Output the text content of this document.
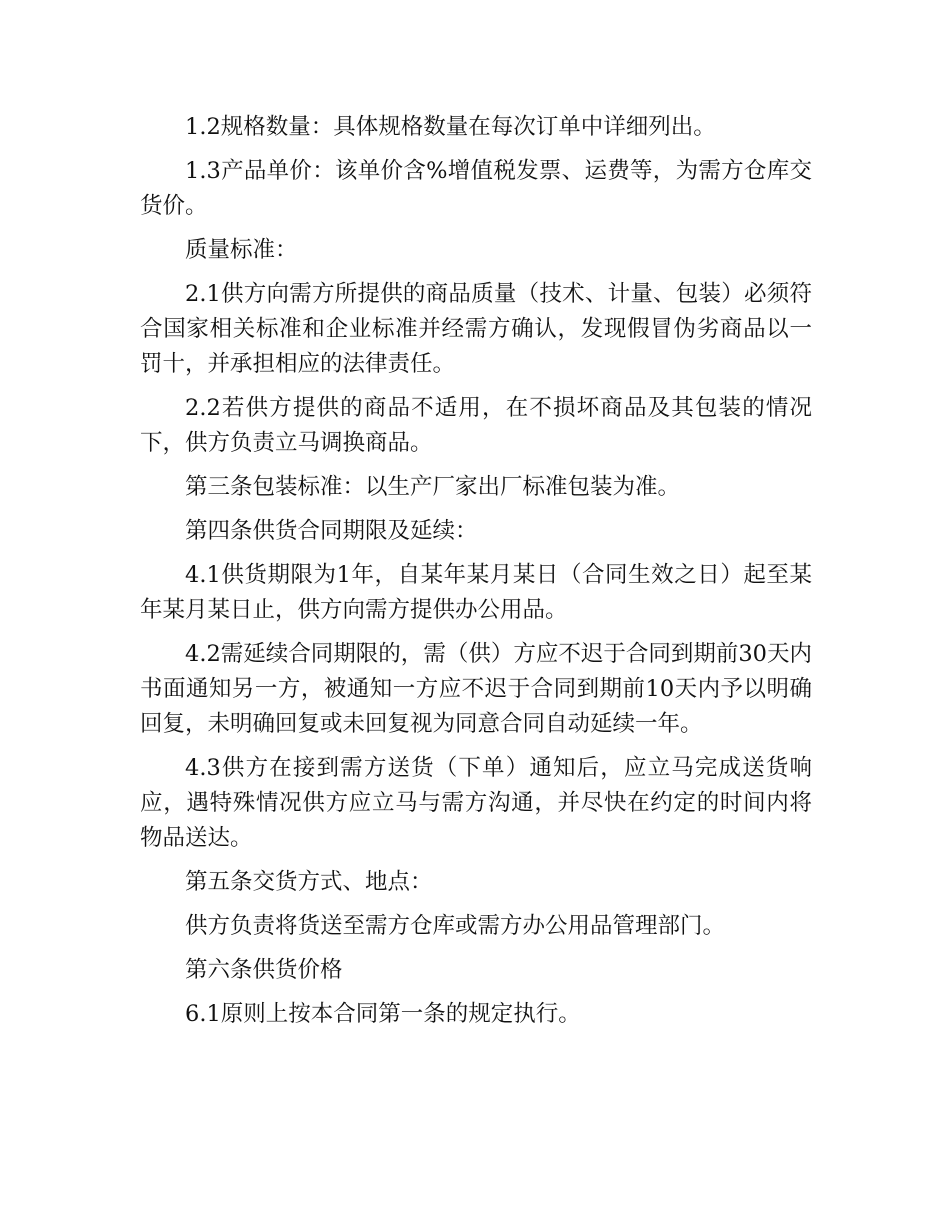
1.2规格数量：具体规格数量在每次订单中详细列出。

1.3产品单价：该单价含%增值税发票、运费等，为需方仓库交货价。

质量标准：

2.1供方向需方所提供的商品质量（技术、计量、包装）必须符合国家相关标准和企业标准并经需方确认，发现假冒伪劣商品以一罚十，并承担相应的法律责任。

2.2若供方提供的商品不适用，在不损坏商品及其包装的情况下，供方负责立马调换商品。

第三条包装标准：以生产厂家出厂标准包装为准。

第四条供货合同期限及延续：

4.1供货期限为1年，自某年某月某日（合同生效之日）起至某年某月某日止，供方向需方提供办公用品。

4.2需延续合同期限的，需（供）方应不迟于合同到期前30天内书面通知另一方，被通知一方应不迟于合同到期前10天内予以明确回复，未明确回复或未回复视为同意合同自动延续一年。

4.3供方在接到需方送货（下单）通知后，应立马完成送货响应，遇特殊情况供方应立马与需方沟通，并尽快在约定的时间内将物品送达。

第五条交货方式、地点：

供方负责将货送至需方仓库或需方办公用品管理部门。

第六条供货价格

6.1原则上按本合同第一条的规定执行。
